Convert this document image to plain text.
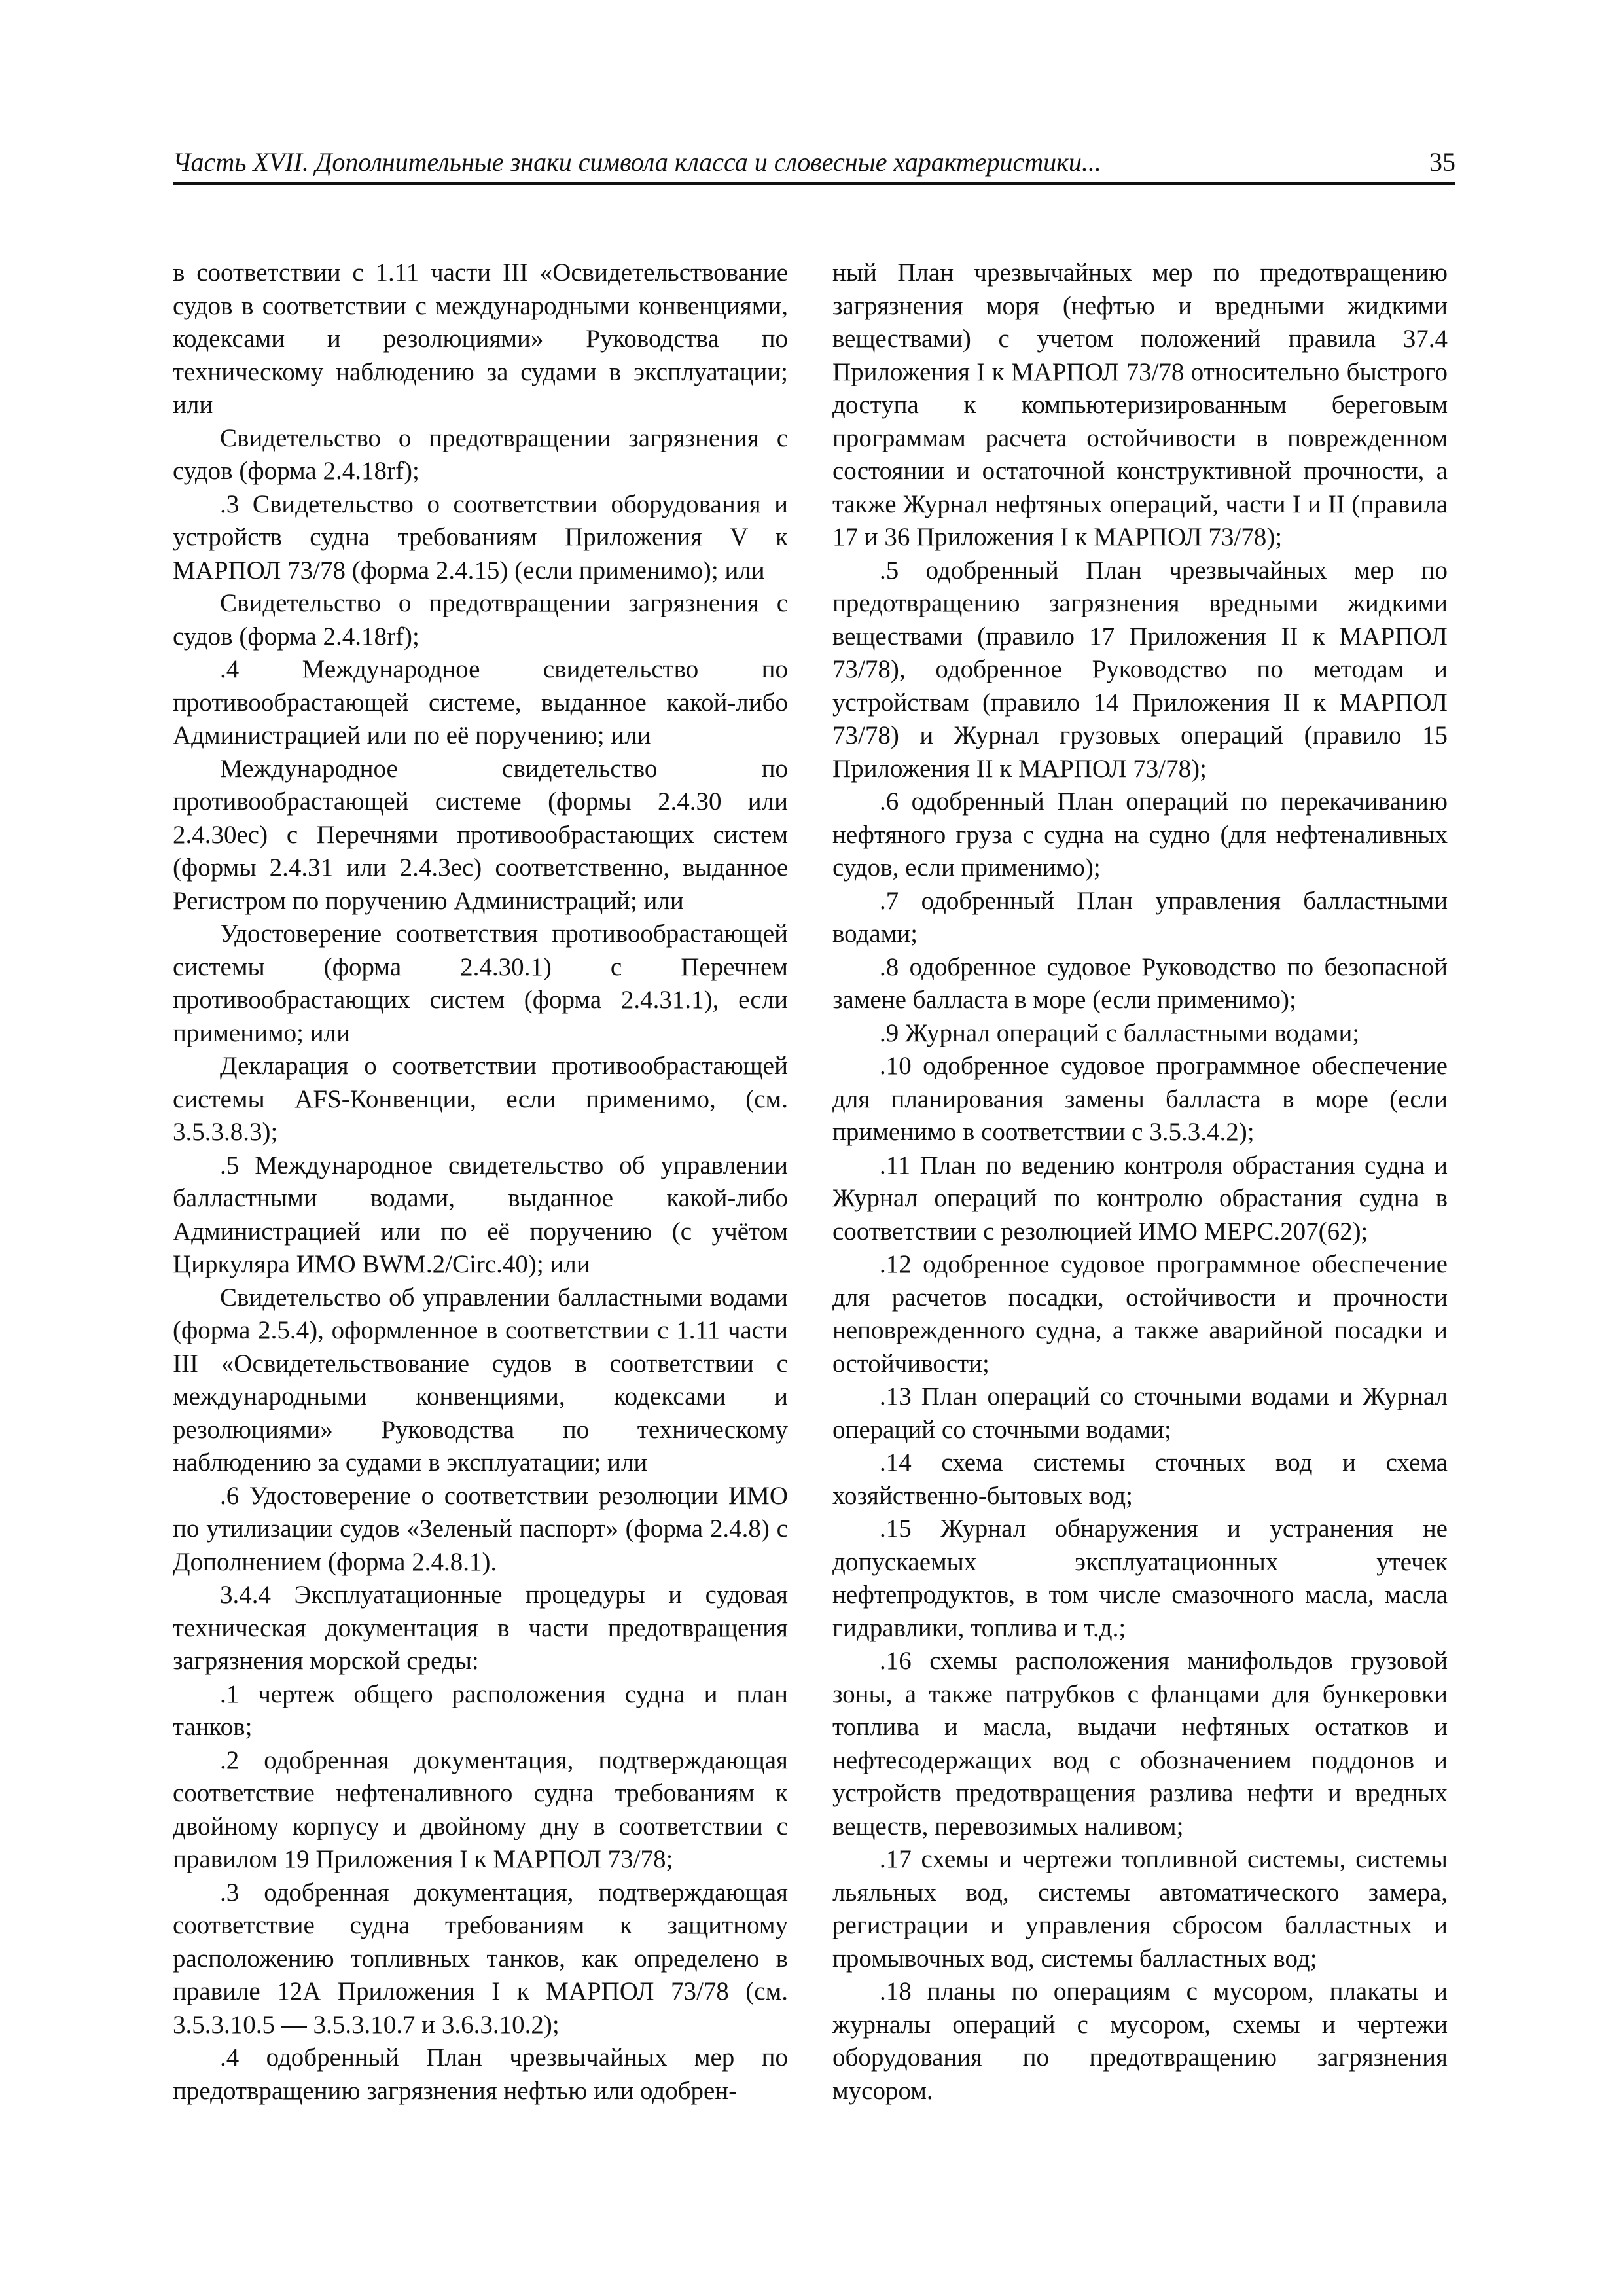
Часть XVII. Дополнительные знаки символа класса и словесные характеристики...	35

в соответствии с 1.11 части III «Освидетельствование судов в соответствии с международными конвенциями, кодексами и резолюциями» Руководства по техническому наблюдению за судами в эксплуатации; или

Свидетельство о предотвращении загрязнения с судов (форма 2.4.18rf);

.3 Свидетельство о соответствии оборудования и устройств судна требованиям Приложения V к МАРПОЛ 73/78 (форма 2.4.15) (если применимо); или

Свидетельство о предотвращении загрязнения с судов (форма 2.4.18rf);

.4 Международное свидетельство по противообрастающей системе, выданное какой-либо Администрацией или по её поручению; или

Международное свидетельство по противообрастающей системе (формы 2.4.30 или 2.4.30ec) с Перечнями противообрастающих систем (формы 2.4.31 или 2.4.3ec) соответственно, выданное Регистром по поручению Администраций; или

Удостоверение соответствия противообрастающей системы (форма 2.4.30.1) с Перечнем противообрастающих систем (форма 2.4.31.1), если применимо; или

Декларация о соответствии противообрастающей системы AFS-Конвенции, если применимо, (см. 3.5.3.8.3);

.5 Международное свидетельство об управлении балластными водами, выданное какой-либо Администрацией или по её поручению (с учётом Циркуляра ИМО BWM.2/Circ.40); или

Свидетельство об управлении балластными водами (форма 2.5.4), оформленное в соответствии с 1.11 части III «Освидетельствование судов в соответствии с международными конвенциями, кодексами и резолюциями» Руководства по техническому наблюдению за судами в эксплуатации; или

.6 Удостоверение о соответствии резолюции ИМО по утилизации судов «Зеленый паспорт» (форма 2.4.8) с Дополнением (форма 2.4.8.1).

3.4.4 Эксплуатационные процедуры и судовая техническая документация в части предотвращения загрязнения морской среды:

.1 чертеж общего расположения судна и план танков;

.2 одобренная документация, подтверждающая соответствие нефтеналивного судна требованиям к двойному корпусу и двойному дну в соответствии с правилом 19 Приложения I к МАРПОЛ 73/78;

.3 одобренная документация, подтверждающая соответствие судна требованиям к защитному расположению топливных танков, как определено в правиле 12А Приложения I к МАРПОЛ 73/78 (см. 3.5.3.10.5 — 3.5.3.10.7 и 3.6.3.10.2);

.4 одобренный План чрезвычайных мер по предотвращению загрязнения нефтью или одобрен-

ный План чрезвычайных мер по предотвращению загрязнения моря (нефтью и вредными жидкими веществами) с учетом положений правила 37.4 Приложения I к МАРПОЛ 73/78 относительно быстрого доступа к компьютеризированным береговым программам расчета остойчивости в поврежденном состоянии и остаточной конструктивной прочности, а также Журнал нефтяных операций, части I и II (правила 17 и 36 Приложения I к МАРПОЛ 73/78);

.5 одобренный План чрезвычайных мер по предотвращению загрязнения вредными жидкими веществами (правило 17 Приложения II к МАРПОЛ 73/78), одобренное Руководство по методам и устройствам (правило 14 Приложения II к МАРПОЛ 73/78) и Журнал грузовых операций (правило 15 Приложения II к МАРПОЛ 73/78);

.6 одобренный План операций по перекачиванию нефтяного груза с судна на судно (для нефтеналивных судов, если применимо);

.7 одобренный План управления балластными водами;

.8 одобренное судовое Руководство по безопасной замене балласта в море (если применимо);

.9 Журнал операций с балластными водами;

.10 одобренное судовое программное обеспечение для планирования замены балласта в море (если применимо в соответствии с 3.5.3.4.2);

.11 План по ведению контроля обрастания судна и Журнал операций по контролю обрастания судна в соответствии с резолюцией ИМО МЕРС.207(62);

.12 одобренное судовое программное обеспечение для расчетов посадки, остойчивости и прочности неповрежденного судна, а также аварийной посадки и остойчивости;

.13 План операций со сточными водами и Журнал операций со сточными водами;

.14 схема системы сточных вод и схема хозяйственно-бытовых вод;

.15 Журнал обнаружения и устранения не допускаемых эксплуатационных утечек нефтепродуктов, в том числе смазочного масла, масла гидравлики, топлива и т.д.;

.16 схемы расположения манифольдов грузовой зоны, а также патрубков с фланцами для бункеровки топлива и масла, выдачи нефтяных остатков и нефтесодержащих вод с обозначением поддонов и устройств предотвращения разлива нефти и вредных веществ, перевозимых наливом;

.17 схемы и чертежи топливной системы, системы льяльных вод, системы автоматического замера, регистрации и управления сбросом балластных и промывочных вод, системы балластных вод;

.18 планы по операциям с мусором, плакаты и журналы операций с мусором, схемы и чертежи оборудования по предотвращению загрязнения мусором.
